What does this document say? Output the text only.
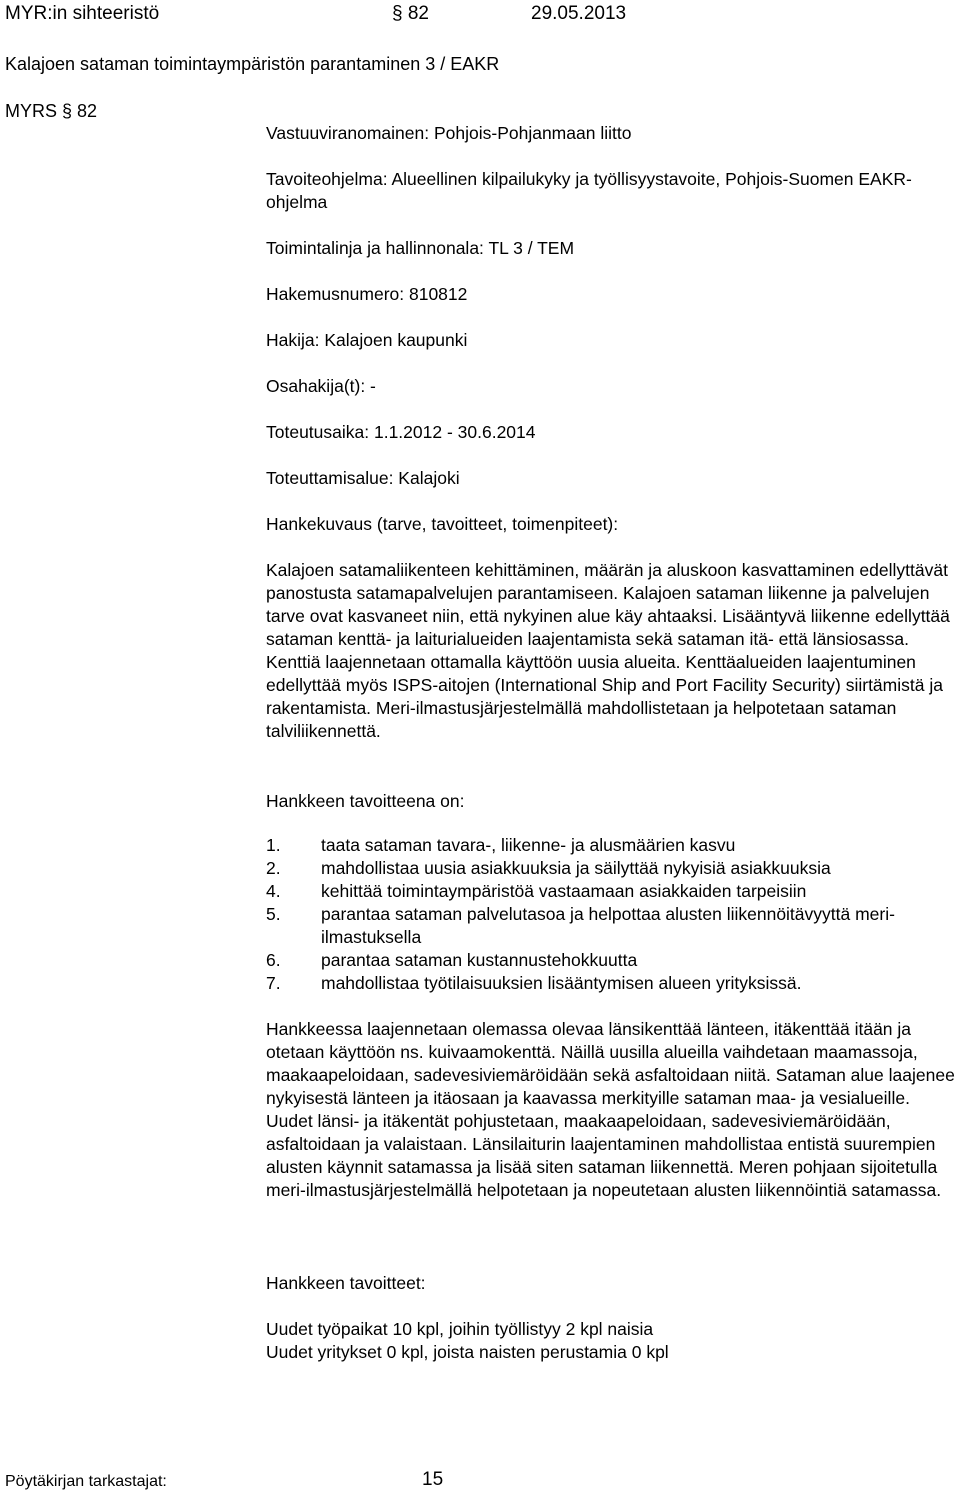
MYR:in sihteeristö	§ 82	29.05.2013
Kalajoen sataman toimintaympäristön parantaminen 3 / EAKR
MYRS § 82
Vastuuviranomainen: Pohjois-Pohjanmaan liitto
Tavoiteohjelma: Alueellinen kilpailukyky ja työllisyystavoite, Pohjois-Suomen EAKR-ohjelma
Toimintalinja ja hallinnonala: TL 3 / TEM
Hakemusnumero: 810812
Hakija: Kalajoen kaupunki
Osahakija(t): -
Toteutusaika: 1.1.2012 - 30.6.2014
Toteuttamisalue: Kalajoki
Hankekuvaus (tarve, tavoitteet, toimenpiteet):
Kalajoen satamaliikenteen kehittäminen, määrän ja aluskoon kasvattaminen edellyttävät panostusta satamapalvelujen parantamiseen. Kalajoen sataman liikenne ja palvelujen tarve ovat kasvaneet niin, että nykyinen alue käy ahtaaksi. Lisääntyvä liikenne edellyttää sataman kenttä- ja laiturialueiden laajentamista sekä sataman itä- että länsiosassa. Kenttiä laajennetaan ottamalla käyttöön uusia alueita. Kenttäalueiden laajentuminen edellyttää myös ISPS-aitojen (International Ship and Port Facility Security) siirtämistä ja rakentamista. Meri-ilmastusjärjestelmällä mahdollistetaan ja helpotetaan sataman talviliikennettä.
Hankkeen tavoitteena on:
1.	taata sataman tavara-, liikenne- ja alusmäärien kasvu
2.	mahdollistaa uusia asiakkuuksia ja säilyttää nykyisiä asiakkuuksia
4.	kehittää toimintaympäristöä vastaamaan asiakkaiden tarpeisiin
5.	parantaa sataman palvelutasoa ja helpottaa alusten liikennöitävyyttä meri-ilmastuksella
6.	parantaa sataman kustannustehokkuutta
7.	mahdollistaa työtilaisuuksien lisääntymisen alueen yrityksissä.
Hankkeessa laajennetaan olemassa olevaa länsikenttää länteen, itäkenttää itään ja otetaan käyttöön ns. kuivaamokenttä. Näillä uusilla alueilla vaihdetaan maamassoja, maakaapeloidaan, sadevesiviemäröidään sekä asfaltoidaan niitä. Sataman alue laajenee nykyisestä länteen ja itäosaan ja kaavassa merkityille sataman maa- ja vesialueille. Uudet länsi- ja itäkentät pohjustetaan, maakaapeloidaan, sadevesiviemäröidään, asfaltoidaan ja valaistaan. Länsilaiturin laajentaminen mahdollistaa entistä suurempien alusten käynnit satamassa ja lisää siten sataman liikennettä. Meren pohjaan sijoitetulla meri-ilmastusjärjestelmällä helpotetaan ja nopeutetaan alusten liikennöintiä satamassa.
Hankkeen tavoitteet:
Uudet työpaikat 10 kpl, joihin työllistyy 2 kpl naisia
Uudet yritykset 0 kpl, joista naisten perustamia 0 kpl
Pöytäkirjan tarkastajat:	15
